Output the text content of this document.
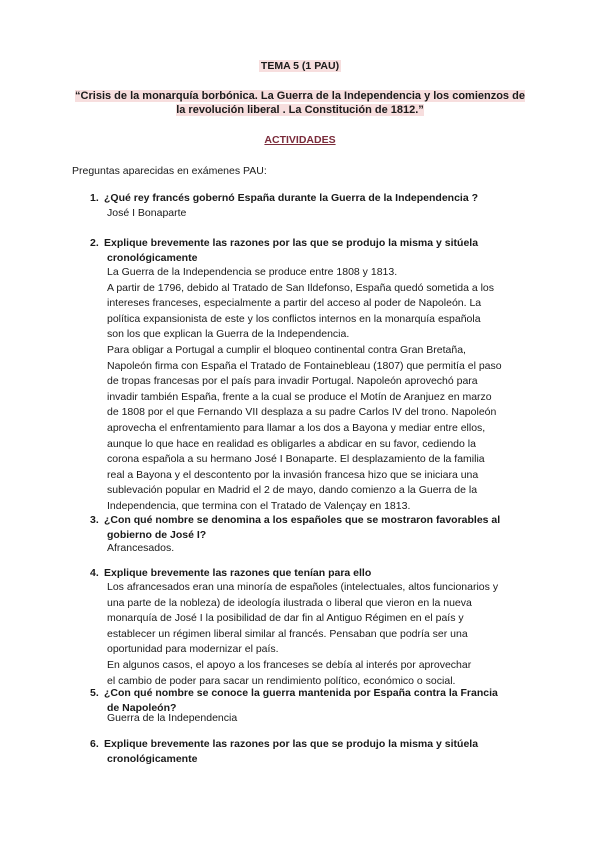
TEMA 5 (1 PAU)
“Crisis de la monarquía borbónica. La Guerra de la Independencia y los comienzos de
la revolución liberal . La Constitución de 1812.”
ACTIVIDADES
Preguntas aparecidas en exámenes PAU:
1. ¿Qué rey francés gobernó España durante la Guerra de la Independencia ?
José I Bonaparte
2. Explique brevemente las razones por las que se produjo la misma y sitúela
cronológicamente
La Guerra de la Independencia se produce entre 1808 y 1813.
A partir de 1796, debido al Tratado de San Ildefonso, España quedó sometida a los
intereses franceses, especialmente a partir del acceso al poder de Napoleón. La
política expansionista de este y los conflictos internos en la monarquía española
son los que explican la Guerra de la Independencia.
Para obligar a Portugal a cumplir el bloqueo continental contra Gran Bretaña,
Napoleón firma con España el Tratado de Fontainebleau (1807) que permitía el paso
de tropas francesas por el país para invadir Portugal. Napoleón aprovechó para
invadir también España, frente a la cual se produce el Motín de Aranjuez en marzo
de 1808 por el que Fernando VII desplaza a su padre Carlos IV del trono. Napoleón
aprovecha el enfrentamiento para llamar a los dos a Bayona y mediar entre ellos,
aunque lo que hace en realidad es obligarles a abdicar en su favor, cediendo la
corona española a su hermano José I Bonaparte. El desplazamiento de la familia
real a Bayona y el descontento por la invasión francesa hizo que se iniciara una
sublevación popular en Madrid el 2 de mayo, dando comienzo a la Guerra de la
Independencia, que termina con el Tratado de Valençay en 1813.
3. ¿Con qué nombre se denomina a los españoles que se mostraron favorables al
gobierno de José I?
Afrancesados.
4. Explique brevemente las razones que tenían para ello
Los afrancesados eran una minoría de españoles (intelectuales, altos funcionarios y
una parte de la nobleza) de ideología ilustrada o liberal que vieron en la nueva
monarquía de José I la posibilidad de dar fin al Antiguo Régimen en el país y
establecer un régimen liberal similar al francés. Pensaban que podría ser una
oportunidad para modernizar el país.
En algunos casos, el apoyo a los franceses se debía al interés por aprovechar
el cambio de poder para sacar un rendimiento político, económico o social.
5. ¿Con qué nombre se conoce la guerra mantenida por España contra la Francia
de Napoleón?
Guerra de la Independencia
6. Explique brevemente las razones por las que se produjo la misma y sitúela
cronológicamente
